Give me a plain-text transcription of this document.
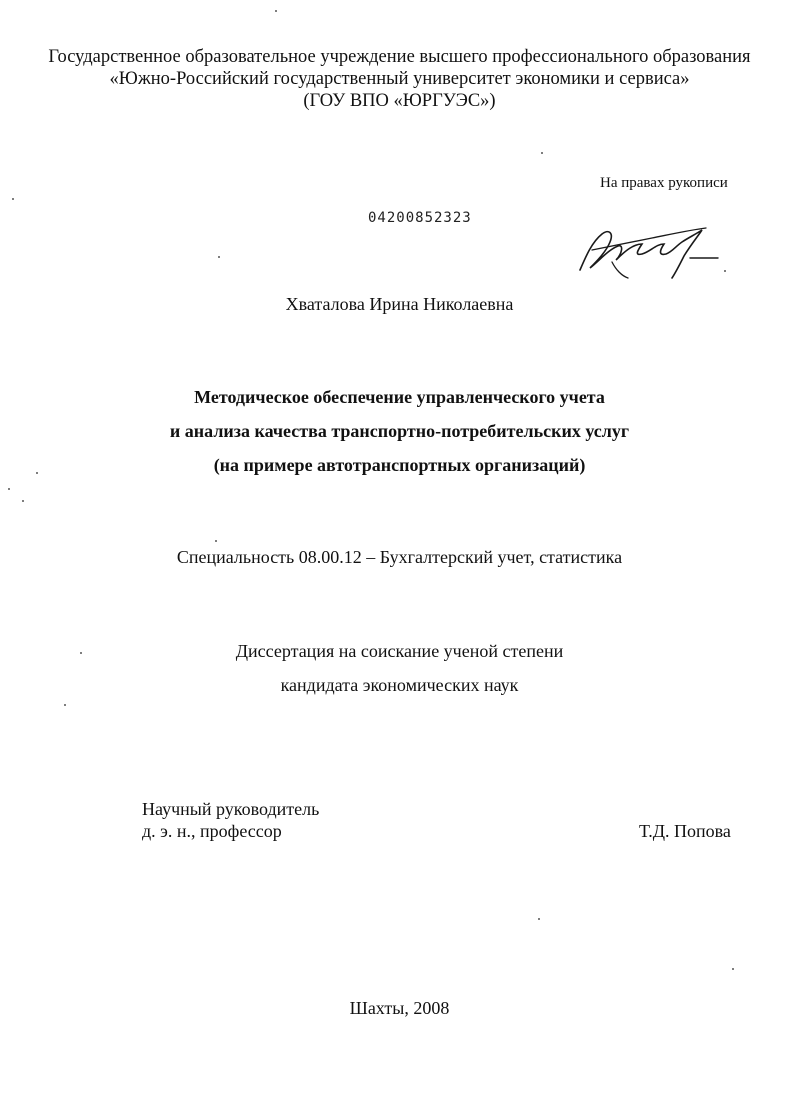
Государственное образовательное учреждение высшего профессионального образования
«Южно-Российский государственный университет экономики и сервиса»
(ГОУ ВПО «ЮРГУЭС»)
На правах рукописи
04200852323
Хваталова Ирина Николаевна
Методическое обеспечение управленческого учета
и анализа качества транспортно-потребительских услуг
(на примере автотранспортных организаций)
Специальность 08.00.12 – Бухгалтерский учет, статистика
Диссертация на соискание ученой степени
кандидата экономических наук
Научный руководитель
д. э. н., профессор	Т.Д. Попова
Шахты, 2008
